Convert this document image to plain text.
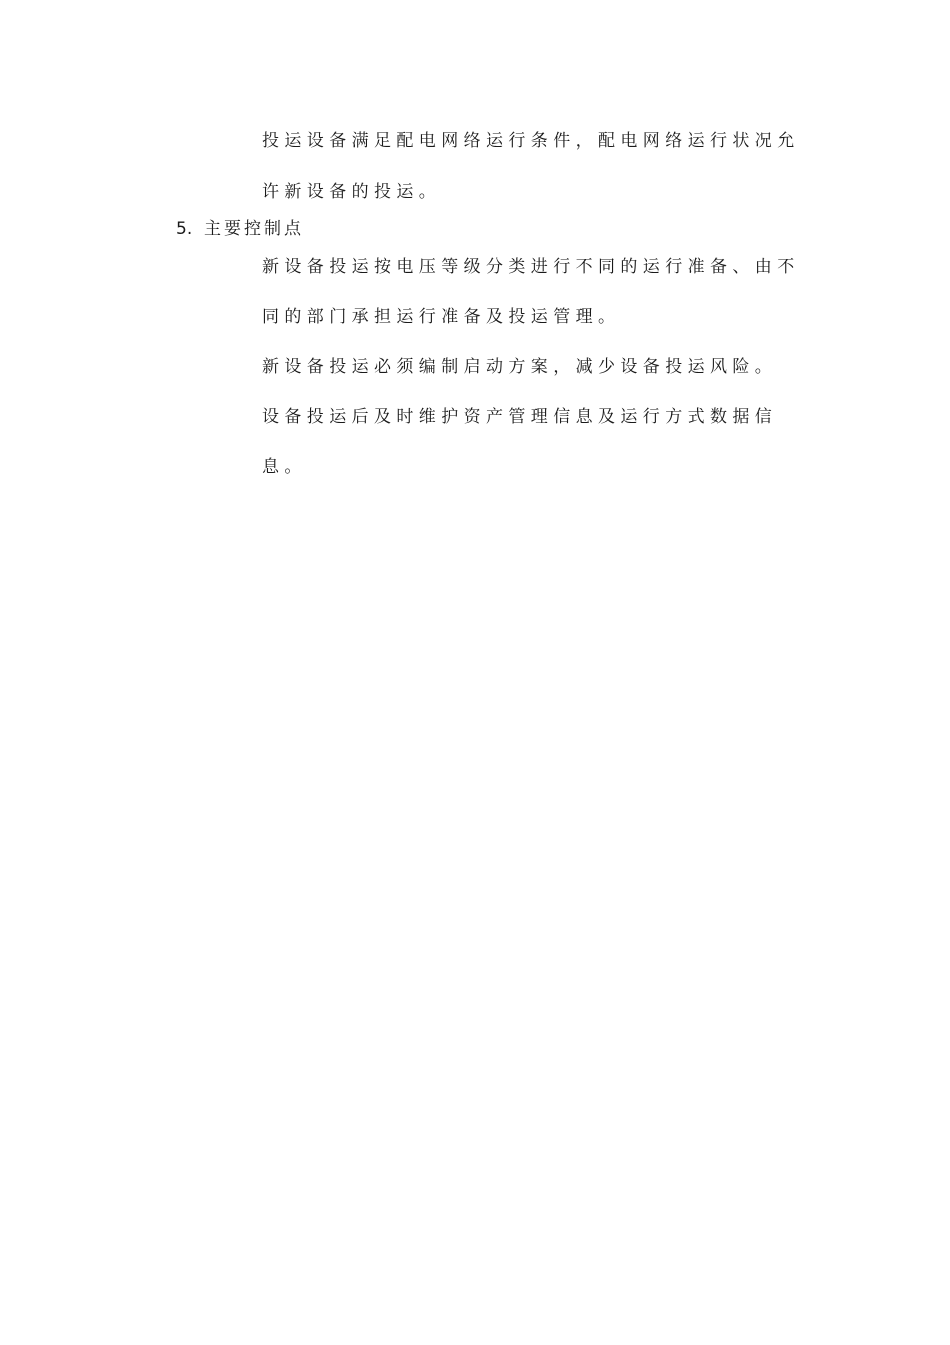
投运设备满足配电网络运行条件，配电网络运行状况允
许新设备的投运。
5. 主要控制点
新设备投运按电压等级分类进行不同的运行准备、由不
同的部门承担运行准备及投运管理。
新设备投运必须编制启动方案，减少设备投运风险。
设备投运后及时维护资产管理信息及运行方式数据信
息。
